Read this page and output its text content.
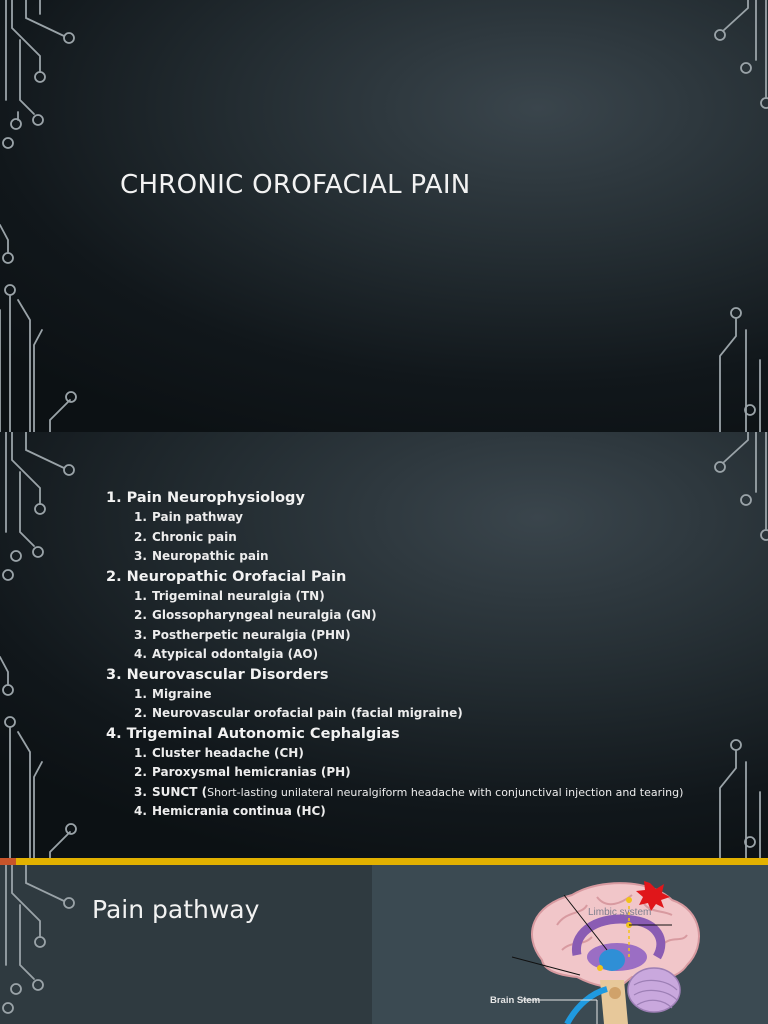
CHRONIC OROFACIAL PAIN
1. Pain Neurophysiology
1. Pain pathway
2. Chronic pain
3. Neuropathic pain
2. Neuropathic Orofacial Pain
1. Trigeminal neuralgia (TN)
2. Glossopharyngeal neuralgia (GN)
3. Postherpetic neuralgia (PHN)
4. Atypical odontalgia (AO)
3. Neurovascular Disorders
1. Migraine
2. Neurovascular orofacial pain (facial migraine)
4. Trigeminal Autonomic Cephalgias
1. Cluster headache (CH)
2. Paroxysmal hemicranias (PH)
3. SUNCT (Short-lasting unilateral neuralgiform headache with conjunctival injection and tearing)
4. Hemicrania continua (HC)
Pain pathway	Limbic system
Brain Stem
